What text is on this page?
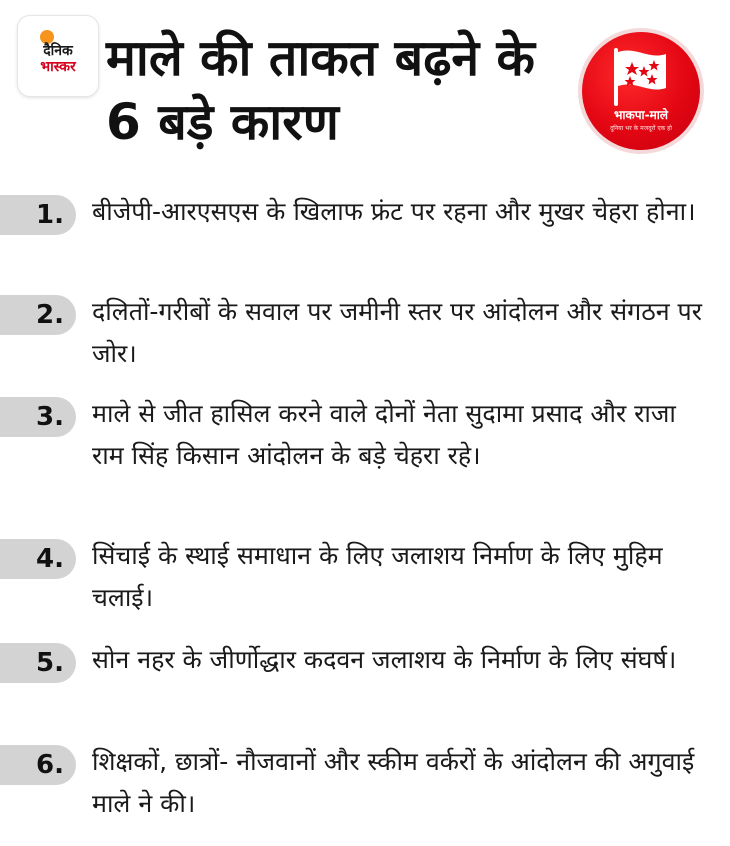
दैनिक
भास्कर माले की ताकत बढ़ने के 6 बड़े कारण	भाकपा-माले
दुनिया भर के मजदूरों एक हो
1.	बीजेपी-आरएसएस के खिलाफ फ्रंट पर रहना और मुखर चेहरा होना।
2.	दलितों-गरीबों के सवाल पर जमीनी स्तर पर आंदोलन और संगठन पर जोर।
3.	माले से जीत हासिल करने वाले दोनों नेता सुदामा प्रसाद और राजा राम सिंह किसान आंदोलन के बड़े चेहरा रहे।
4.	सिंचाई के स्थाई समाधान के लिए जलाशय निर्माण के लिए मुहिम चलाई।
5.	सोन नहर के जीर्णोद्धार कदवन जलाशय के निर्माण के लिए संघर्ष।
6.	शिक्षकों, छात्रों- नौजवानों और स्कीम वर्करों के आंदोलन की अगुवाई माले ने की।
